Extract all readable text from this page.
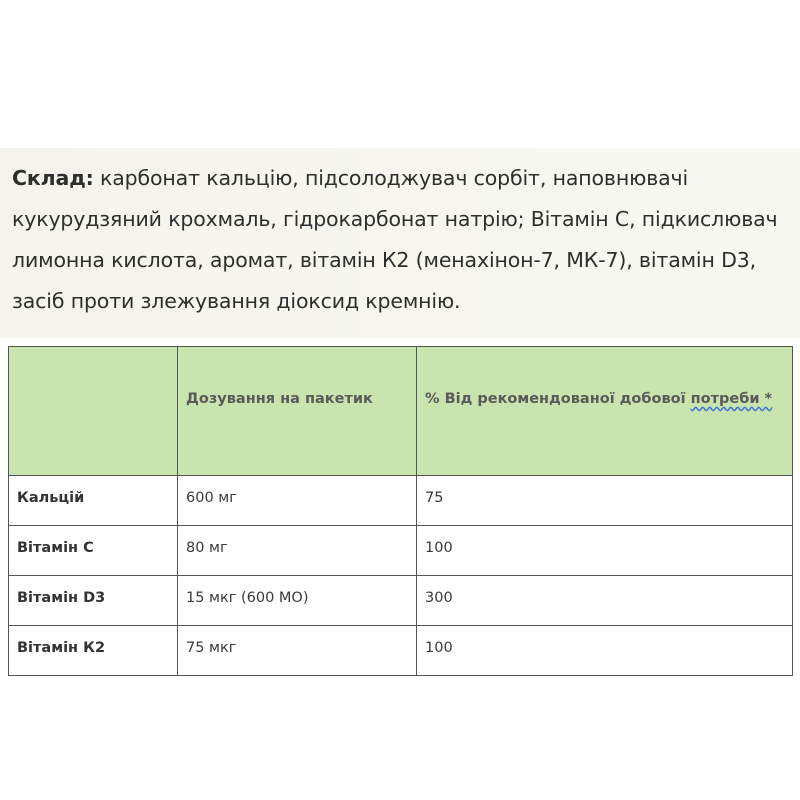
Склад: карбонат кальцію, підсолоджувач сорбіт, наповнювачі кукурудзяний крохмаль, гідрокарбонат натрію; Вітамін С, підкислювач лимонна кислота, аромат, вітамін К2 (менахінон-7, МК-7), вітамін D3, засіб проти злежування діоксид кремнію.
	Дозування на пакетик	% Від рекомендованої добової потреби *
Кальцій	600 мг	75
Вітамін С	80 мг	100
Вітамін D3	15 мкг (600 МО)	300
Вітамін К2	75 мкг	100
